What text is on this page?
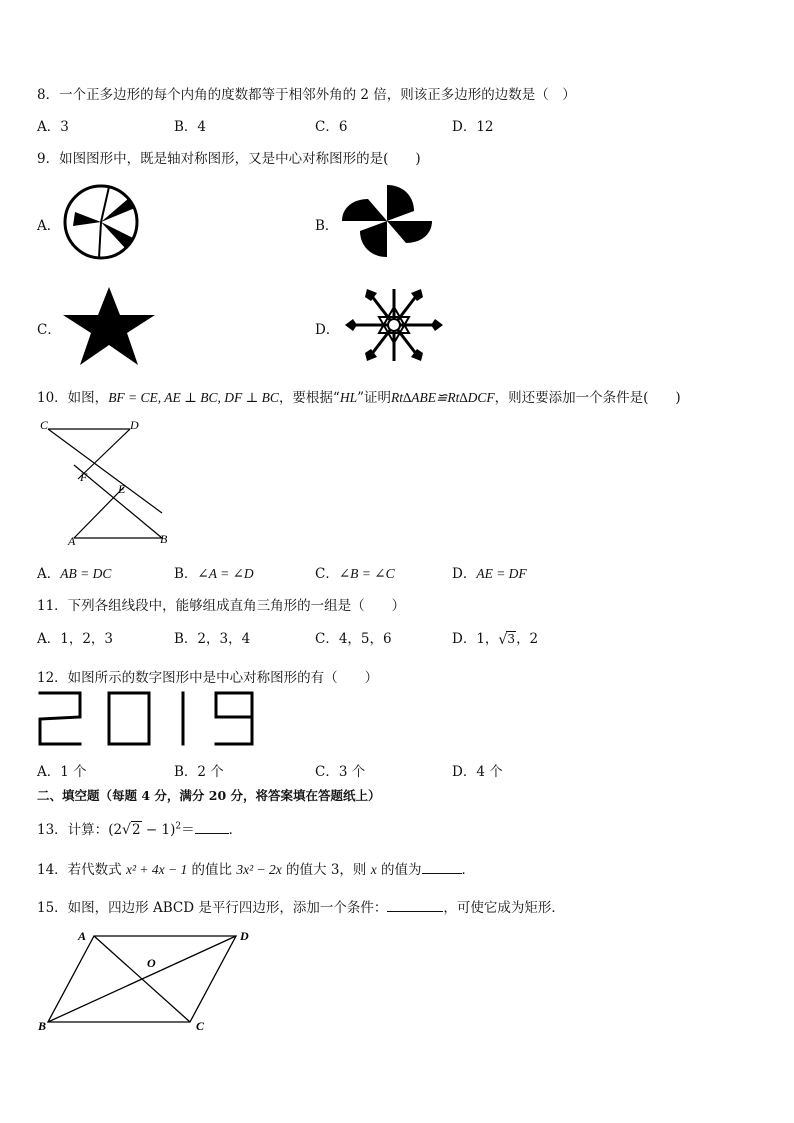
8．一个正多边形的每个内角的度数都等于相邻外角的 2 倍，则该正多边形的边数是（　）
A．3	B．4	C．6	D．12
9．如图图形中，既是轴对称图形，又是中心对称图形的是(　　)
A．	B．
C．	D．
10．如图，BF = CE, AE ⊥ BC, DF ⊥ BC，要根据“HL”证明Rt∆ABE≌Rt∆DCF，则还要添加一个条件是(　　)
C	D
F
E
A	B
A．AB = DC	B．∠A = ∠D	C．∠B = ∠C	D．AE = DF
11．下列各组线段中，能够组成直角三角形的一组是（　　）
A．1，2，3	B．2，3，4	C．4，5，6	D．1， √ 3，2
12．如图所示的数字图形中是中心对称图形的有（　　）
A．1 个	B．2 个	C．3 个	D．4 个
二、填空题（每题 4 分，满分 20 分，将答案填在答题纸上）
13．计算：(2 √ 2 − 1)$^2$＝	．
14．若代数式 x² + 4x − 1 的值比 3x² − 2x 的值大 3，则 x 的值为	．
15．如图，四边形 ABCD 是平行四边形，添加一个条件：	，可使它成为矩形．
A	D
O
B	C
